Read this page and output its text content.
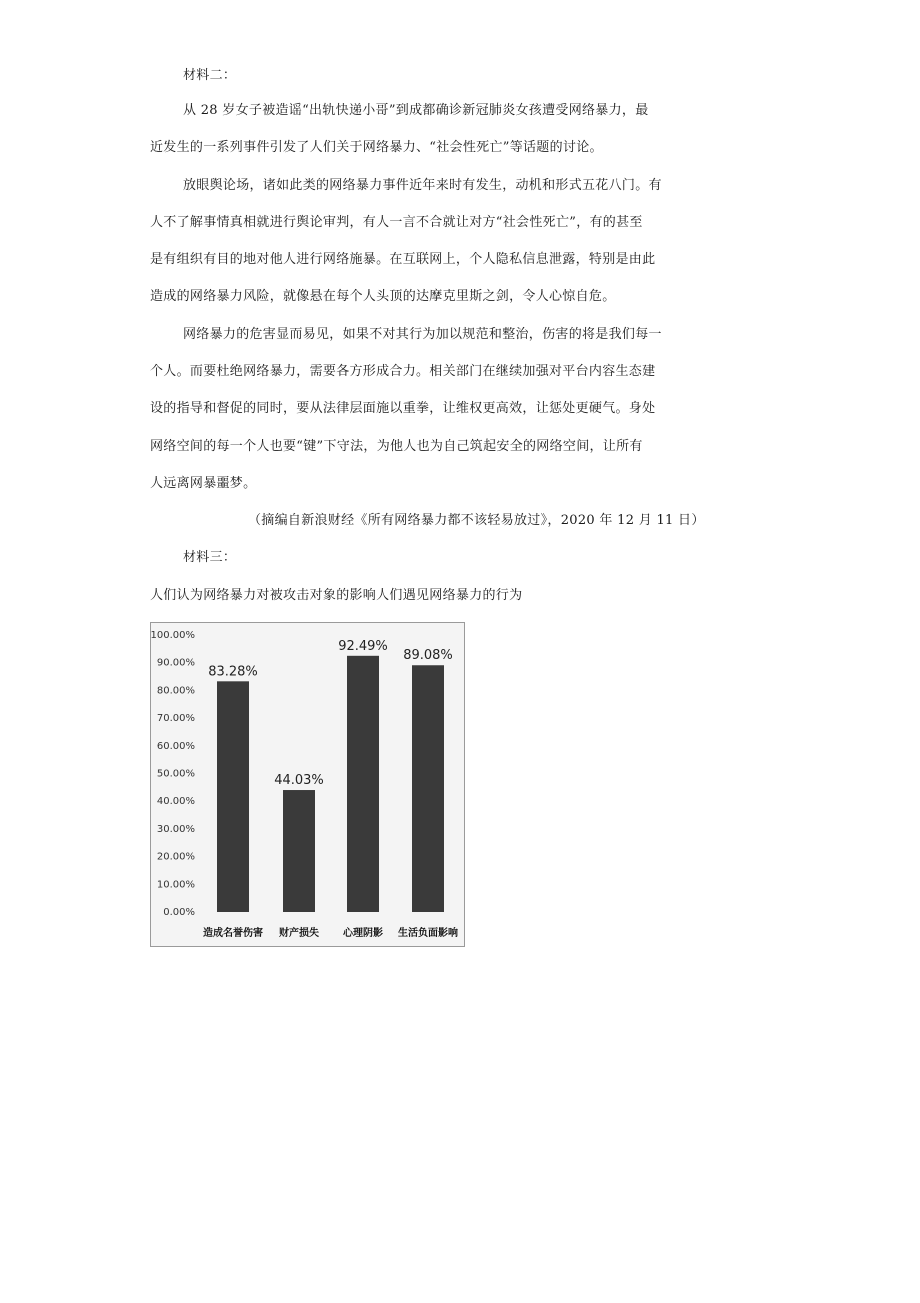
材料二：
从 28 岁女子被造谣“出轨快递小哥”到成都确诊新冠肺炎女孩遭受网络暴力，最
近发生的一系列事件引发了人们关于网络暴力、“社会性死亡”等话题的讨论。
放眼舆论场，诸如此类的网络暴力事件近年来时有发生，动机和形式五花八门。有
人不了解事情真相就进行舆论审判，有人一言不合就让对方“社会性死亡”，有的甚至
是有组织有目的地对他人进行网络施暴。在互联网上，个人隐私信息泄露，特别是由此
造成的网络暴力风险，就像悬在每个人头顶的达摩克里斯之剑，令人心惊自危。
网络暴力的危害显而易见，如果不对其行为加以规范和整治，伤害的将是我们每一
个人。而要杜绝网络暴力，需要各方形成合力。相关部门在继续加强对平台内容生态建
设的指导和督促的同时，要从法律层面施以重拳，让维权更高效，让惩处更硬气。身处
网络空间的每一个人也要“键”下守法，为他人也为自己筑起安全的网络空间，让所有
人远离网暴噩梦。
（摘编自新浪财经《所有网络暴力都不该轻易放过》，2020 年 12 月 11 日）
材料三：
人们认为网络暴力对被攻击对象的影响人们遇见网络暴力的行为
0.00%
10.00%
20.00%
30.00%
40.00%
50.00%
60.00%
70.00%
80.00%
90.00%
100.00%
83.28%
造成名誉伤害
44.03%
财产损失
92.49%
心理阴影
89.08%
生活负面影响
